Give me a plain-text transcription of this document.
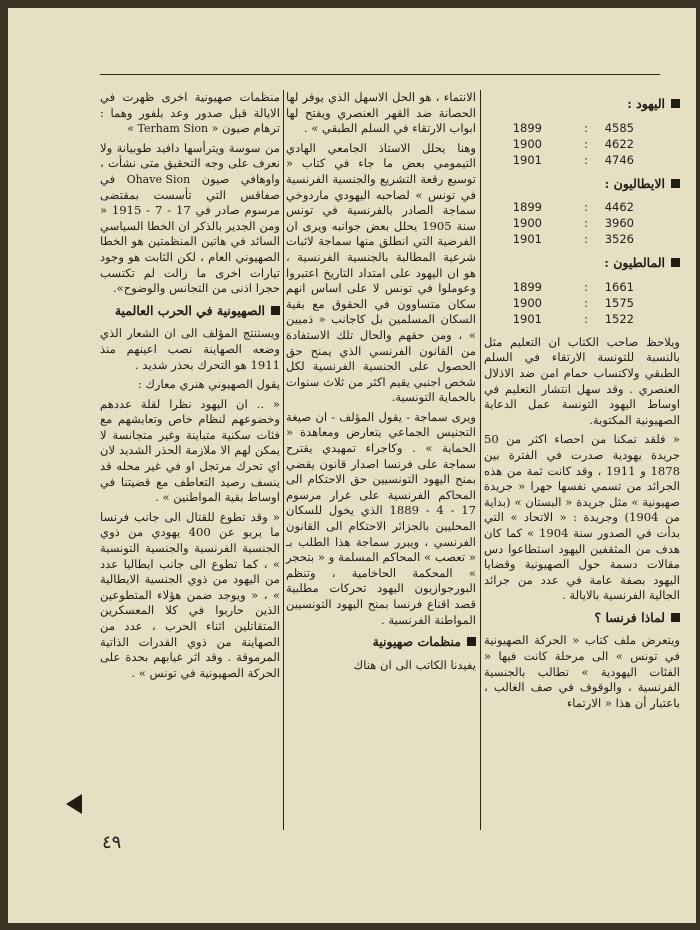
اليهود :
1899	:	4585
1900	:	4622
1901	:	4746
الايطاليون :
1899	:	4462
1900	:	3960
1901	:	3526
المالطيون :
1899	:	1661
1900	:	1575
1901	:	1522

ويلاحظ صاحب الكتاب ان التعليم مثل بالنسبة للتونسة الارتقاء في السلم الطبقي ولاكتساب حمام امن ضد الاذلال العنصري . وقد سهل انتشار التعليم في اوساط اليهود التونسة عمل الدعاية الصهيونية المكتوبة.

« فلقد تمكنا من احصاء اكثر من 50 جريدة يهودية صدرت في الفترة بين 1878 و 1911 ، وقد كانت ثمة من هذه الجرائد من تسمي نفسها جهرا « جريدة صهيونية » مثل جريدة « البستان » (بداية من 1904) وجريدة : « الاتحاد » التي بدأت في الصدور سنة 1904 » كما كان هدف من المثقفين اليهود استطاعوا دس مقالات دسمة حول الصهيونية وقضايا اليهود بصفة عامة في عدد من جرائد الجالية الفرنسية بالايالة .

لماذا فرنسا ؟

ويتعرض ملف كتاب « الحركة الصهيونية في تونس » الى مرحلة كانت فيها « الفئات اليهودية » تطالب بالجنسية الفرنسية ، والوقوف في صف الغالب ، باعتبار أن هذا « الارتماء

الانتماء ، هو الحل الاسهل الذي يوفر لها الحصانة ضد القهر العنصري ويفتح لها ابواب الارتقاء في السلم الطبقي » .

وهنا يحلل الاستاذ الجامعي الهادي التيمومي بعض ما جاء في كتاب « توسيع رقعة التشريع والجنسية الفرنسية في تونس » لصاحبه اليهودي ماردوخي سماجة الصادر بالفرنسية في تونس سنة 1905 يحلل بعض جوانبه ويرى ان الفرضية التي انطلق منها سماجة لاثبات شرعية المطالبة بالجنسية الفرنسية ، هو ان اليهود على امتداد التاريخ اعتبروا وعوملوا في تونس لا على اساس انهم سكان متساوون في الحقوق مع بقية السكان المسلمين بل كاجانب « ذميين » ، ومن حقهم والحال تلك الاستفادة من القانون الفرنسي الذي يمنح حق الحصول على الجنسية الفرنسية لكل شخص اجنبي يقيم اكثر من ثلاث سنوات بالحماية التونسية.

ويرى سماجة - يقول المؤلف - ان صيغة التجنيس الجماعي يتعارض ومعاهدة « الحماية » . وكاجراء تمهيدي يقترح سماجة على فرنسا اصدار قانون يقضي بمنح اليهود التونسيين حق الاحتكام الى المحاكم الفرنسية على غرار مرسوم 17 - 4 - 1889 الذي يخول للسكان المحليين بالجزائر الاحتكام الى القانون الفرنسي ، ويبرر سماجة هذا الطلب بـ « تعصب » المحاكم المسلمة و « بتحجر » المحكمة الحاخامية ، وتنظم البورجوازيون اليهود تحركات مطلبية قصد اقناع فرنسا بمنح اليهود التونسيين المواطنة الفرنسية .

منظمات صهيونية

يفيدنا الكاتب الى ان هناك

منظمات صهيونية اخرى ظهرت في الايالة قبل صدور وعد بلفور وهما : ترهام صيون « Terham Sion »

من سوسة ويترأسها دافيد طوبيانة ولا نعرف على وجه التحقيق متى نشأت ، واوهافي صيون Ohave Sion في صفاقس التي تأسست بمقتضى مرسوم صادر في 17 - 7 - 1915 « ومن الجدير بالذكر ان الخطا السياسي السائد في هاتين المنظمتين هو الخطا الصهيوني العام ، لكن الثابت هو وجود تيارات اخرى ما زالت لم تكتسب حجرا اذنى من التجانس والوضوح».

الصهيونية في الحرب العالمية

ويستنتج المؤلف الى ان الشعار الذي وضعه الصهاينة نصب اعينهم منذ 1911 هو التحرك بحذر شديد .

يقول الصهيوني هنري معارك :

« .. ان اليهود نظرا لقلة عددهم وخضوعهم لنظام خاص وتعايشهم مع فئات سكنية متباينة وغير متجانسة لا يمكن لهم الا ملازمة الحذر الشديد لان اي تحرك مرتجل او في غير محله قد ينسف رصيد التعاطف مع قضيتنا في اوساط بقية المواطنين » .

« وقد تطوع للقتال الى جانب فرنسا ما يربو عن 400 يهودي من ذوي الجنسية الفرنسية والجنسية التونسية » ، كما تطوع الى جانب ايطاليا عدد من اليهود من ذوي الجنسية الايطالية » ، « ويوجد ضمن هؤلاء المتطوعين الذين حاربوا في كلا المعسكرين المتقاتلين اثناء الحرب ، عدد من الصهاينة من ذوي القدرات الذاتية المرموقة . وقد اثر غيابهم بحدة على الحركة الصهيونية في تونس » .

٤٩
